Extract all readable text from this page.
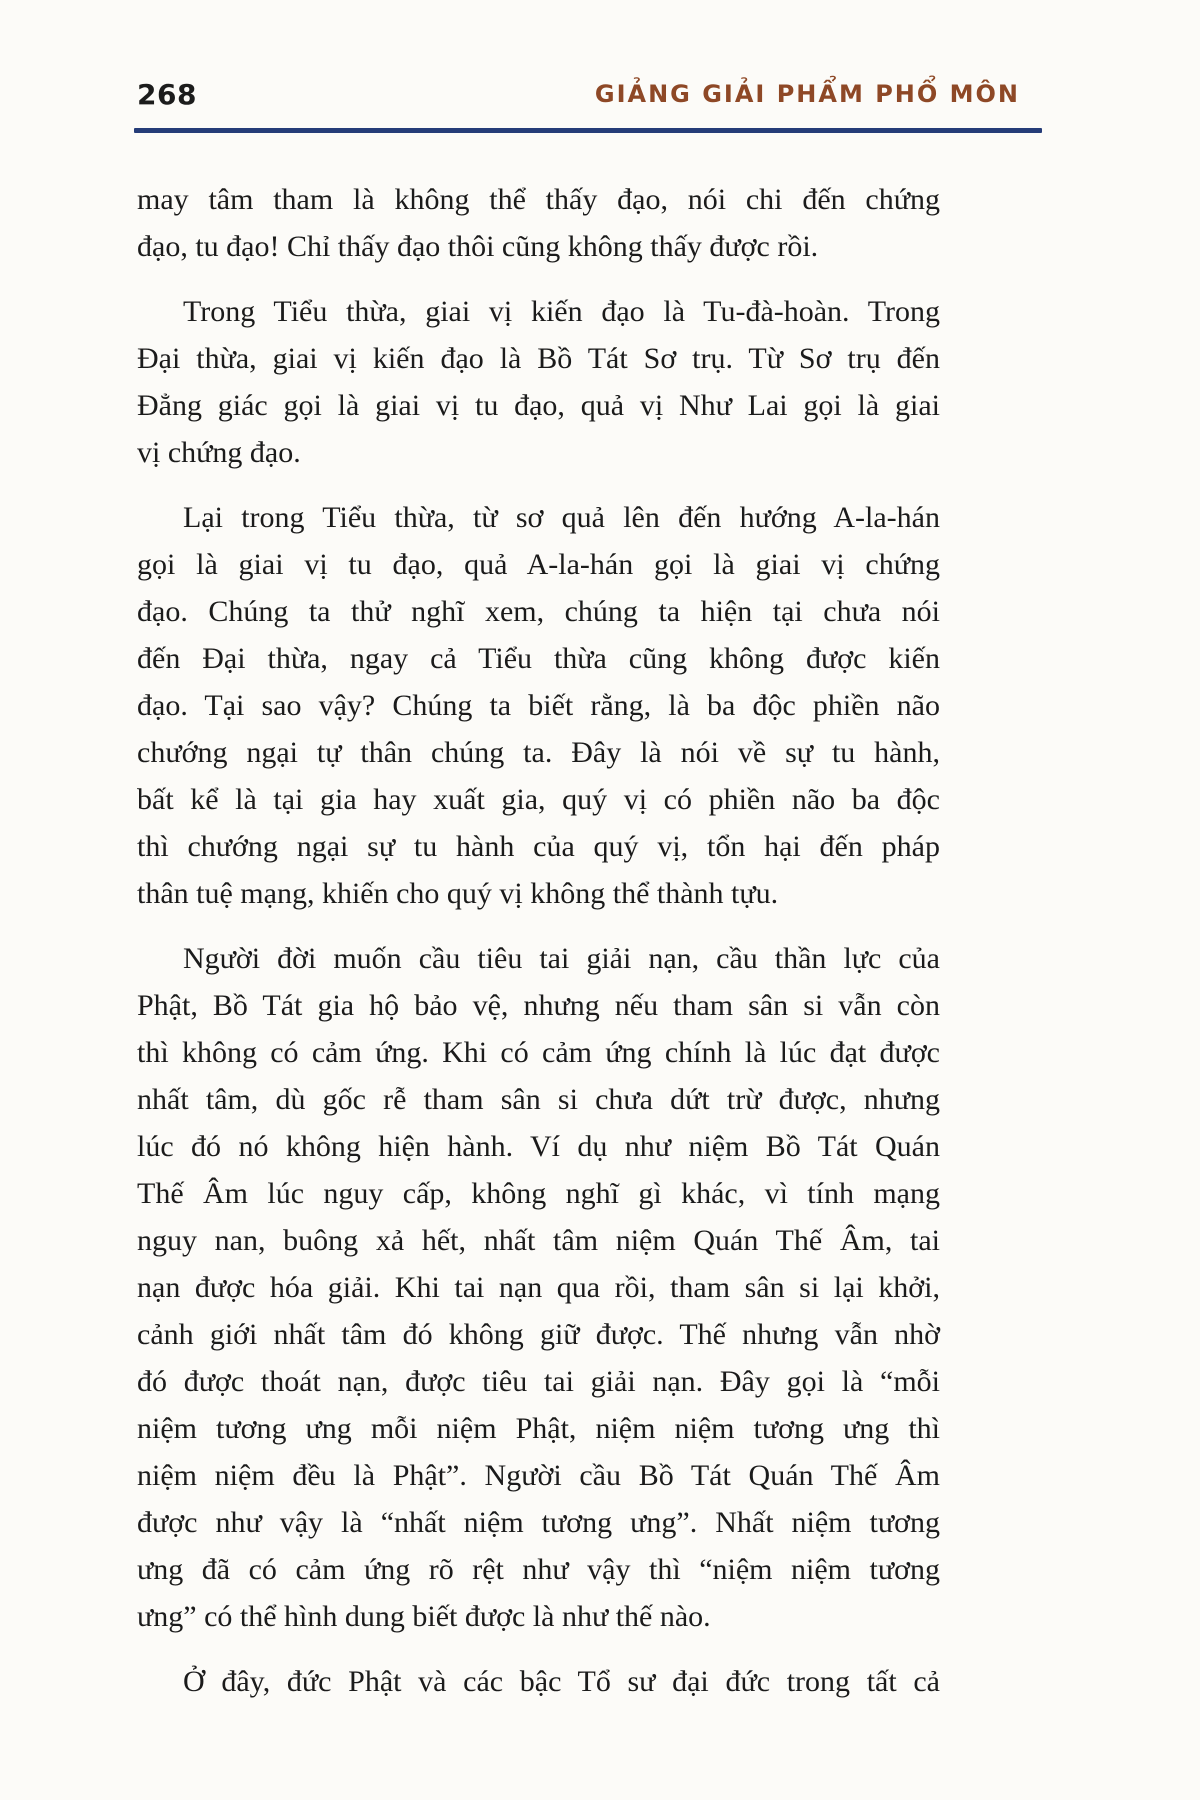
268	GIẢNG GIẢI PHẨM PHỔ MÔN
may tâm tham là không thể thấy đạo, nói chi đến chứng
đạo, tu đạo! Chỉ thấy đạo thôi cũng không thấy được rồi.
Trong Tiểu thừa, giai vị kiến đạo là Tu-đà-hoàn. Trong
Đại thừa, giai vị kiến đạo là Bồ Tát Sơ trụ. Từ Sơ trụ đến
Đẳng giác gọi là giai vị tu đạo, quả vị Như Lai gọi là giai
vị chứng đạo.
Lại trong Tiểu thừa, từ sơ quả lên đến hướng A-la-hán
gọi là giai vị tu đạo, quả A-la-hán gọi là giai vị chứng
đạo. Chúng ta thử nghĩ xem, chúng ta hiện tại chưa nói
đến Đại thừa, ngay cả Tiểu thừa cũng không được kiến
đạo. Tại sao vậy? Chúng ta biết rằng, là ba độc phiền não
chướng ngại tự thân chúng ta. Đây là nói về sự tu hành,
bất kể là tại gia hay xuất gia, quý vị có phiền não ba độc
thì chướng ngại sự tu hành của quý vị, tổn hại đến pháp
thân tuệ mạng, khiến cho quý vị không thể thành tựu.
Người đời muốn cầu tiêu tai giải nạn, cầu thần lực của
Phật, Bồ Tát gia hộ bảo vệ, nhưng nếu tham sân si vẫn còn
thì không có cảm ứng. Khi có cảm ứng chính là lúc đạt được
nhất tâm, dù gốc rễ tham sân si chưa dứt trừ được, nhưng
lúc đó nó không hiện hành. Ví dụ như niệm Bồ Tát Quán
Thế Âm lúc nguy cấp, không nghĩ gì khác, vì tính mạng
nguy nan, buông xả hết, nhất tâm niệm Quán Thế Âm, tai
nạn được hóa giải. Khi tai nạn qua rồi, tham sân si lại khởi,
cảnh giới nhất tâm đó không giữ được. Thế nhưng vẫn nhờ
đó được thoát nạn, được tiêu tai giải nạn. Đây gọi là “mỗi
niệm tương ưng mỗi niệm Phật, niệm niệm tương ưng thì
niệm niệm đều là Phật”. Người cầu Bồ Tát Quán Thế Âm
được như vậy là “nhất niệm tương ưng”. Nhất niệm tương
ưng đã có cảm ứng rõ rệt như vậy thì “niệm niệm tương
ưng” có thể hình dung biết được là như thế nào.
Ở đây, đức Phật và các bậc Tổ sư đại đức trong tất cả
